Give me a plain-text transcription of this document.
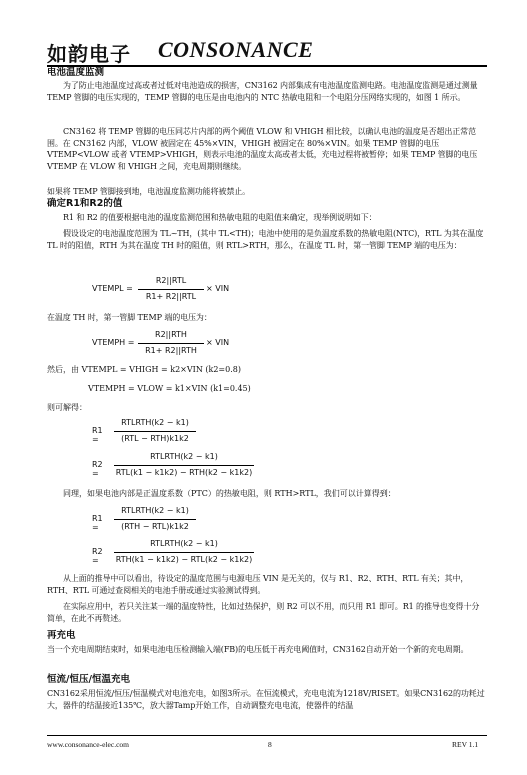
如韵电子 CONSONANCE
电池温度监测
为了防止电池温度过高或者过低对电池造成的损害，CN3162 内部集成有电池温度监测电路。电池温度监测是通过测量 TEMP 管脚的电压实现的，TEMP 管脚的电压是由电池内的 NTC 热敏电阻和一个电阻分压网络实现的，如图 1 所示。
CN3162 将 TEMP 管脚的电压同芯片内部的两个阈值 VLOW 和 VHIGH 相比较，以确认电池的温度是否超出正常范围。在 CN3162 内部，VLOW 被固定在 45%×VIN，VHIGH 被固定在 80%×VIN。如果 TEMP 管脚的电压 VTEMP<VLOW 或者 VTEMP>VHIGH，则表示电池的温度太高或者太低，充电过程将被暂停；如果 TEMP 管脚的电压 VTEMP 在 VLOW 和 VHIGH 之间，充电周期则继续。
如果将 TEMP 管脚接到地，电池温度监测功能将被禁止。
确定R1和R2的值
R1 和 R2 的值要根据电池的温度监测范围和热敏电阻的电阻值来确定，现举例说明如下：
假设设定的电池温度范围为 TL~TH，(其中 TL<TH)；电池中使用的是负温度系数的热敏电阻(NTC)，RTL 为其在温度 TL 时的阻值，RTH 为其在温度 TH 时的阻值，则 RTL>RTH，那么，在温度 TL 时，第一管脚 TEMP 端的电压为：
VTEMPL =
R2||RTL
R1+ R2||RTL
× VIN
在温度 TH 时，第一管脚 TEMP 端的电压为：
VTEMPH =
R2||RTH
R1+ R2||RTH
× VIN
然后，由 VTEMPL = VHIGH = k2×VIN (k2=0.8)
VTEMPH = VLOW = k1×VIN (k1=0.45)
则可解得：
R1 =
RTLRTH(k2 − k1)
(RTL − RTH)k1k2
R2 =
RTLRTH(k2 − k1)
RTL(k1 − k1k2) − RTH(k2 − k1k2)
同理，如果电池内部是正温度系数（PTC）的热敏电阻，则 RTH>RTL，我们可以计算得到：
R1 =
RTLRTH(k2 − k1)
(RTH − RTL)k1k2
R2 =
RTLRTH(k2 − k1)
RTH(k1 − k1k2) − RTL(k2 − k1k2)
从上面的推导中可以看出，待设定的温度范围与电源电压 VIN 是无关的，仅与 R1、R2、RTH、RTL 有关；其中，RTH、RTL 可通过查阅相关的电池手册或通过实验测试得到。
在实际应用中，若只关注某一端的温度特性，比如过热保护，则 R2 可以不用，而只用 R1 即可。R1 的推导也变得十分简单，在此不再赘述。
再充电
当一个充电周期结束时，如果电池电压检测输入端(FB)的电压低于再充电阈值时，CN3162自动开始一个新的充电周期。
恒流/恒压/恒温充电
CN3162采用恒流/恒压/恒温模式对电池充电，如图3所示。在恒流模式，充电电流为1218V/RISET。如果CN3162的功耗过大，器件的结温接近135℃，放大器Tamp开始工作，自动调整充电电流，使器件的结温
www.consonance-elec.com	8	REV 1.1
